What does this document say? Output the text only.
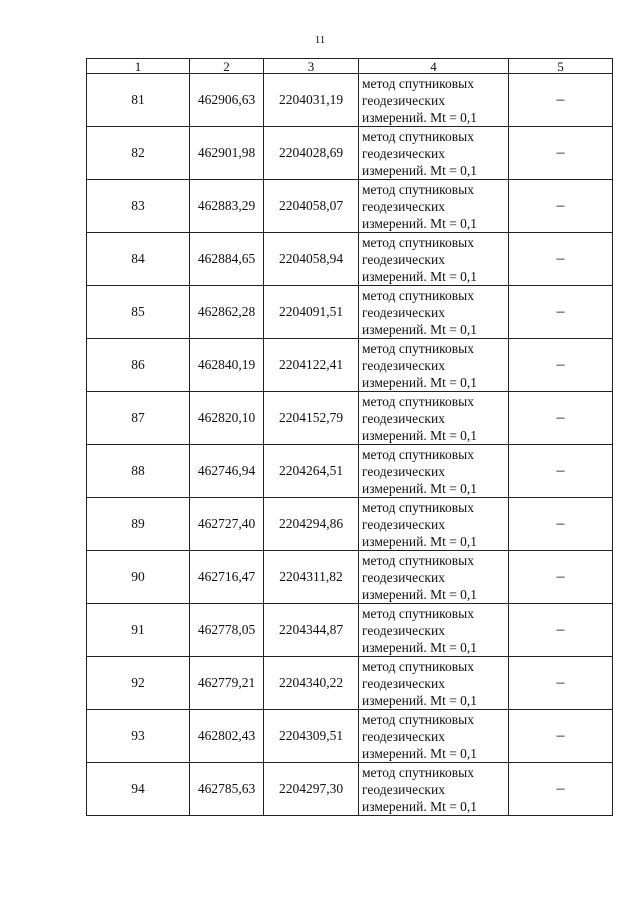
11
1	2	3	4	5
81	462906,63	2204031,19	метод спутниковых
геодезических
измерений. Mt = 0,1	–
82	462901,98	2204028,69	метод спутниковых
геодезических
измерений. Mt = 0,1	–
83	462883,29	2204058,07	метод спутниковых
геодезических
измерений. Mt = 0,1	–
84	462884,65	2204058,94	метод спутниковых
геодезических
измерений. Mt = 0,1	–
85	462862,28	2204091,51	метод спутниковых
геодезических
измерений. Mt = 0,1	–
86	462840,19	2204122,41	метод спутниковых
геодезических
измерений. Mt = 0,1	–
87	462820,10	2204152,79	метод спутниковых
геодезических
измерений. Mt = 0,1	–
88	462746,94	2204264,51	метод спутниковых
геодезических
измерений. Mt = 0,1	–
89	462727,40	2204294,86	метод спутниковых
геодезических
измерений. Mt = 0,1	–
90	462716,47	2204311,82	метод спутниковых
геодезических
измерений. Mt = 0,1	–
91	462778,05	2204344,87	метод спутниковых
геодезических
измерений. Mt = 0,1	–
92	462779,21	2204340,22	метод спутниковых
геодезических
измерений. Mt = 0,1	–
93	462802,43	2204309,51	метод спутниковых
геодезических
измерений. Mt = 0,1	–
94	462785,63	2204297,30	метод спутниковых
геодезических
измерений. Mt = 0,1	–
